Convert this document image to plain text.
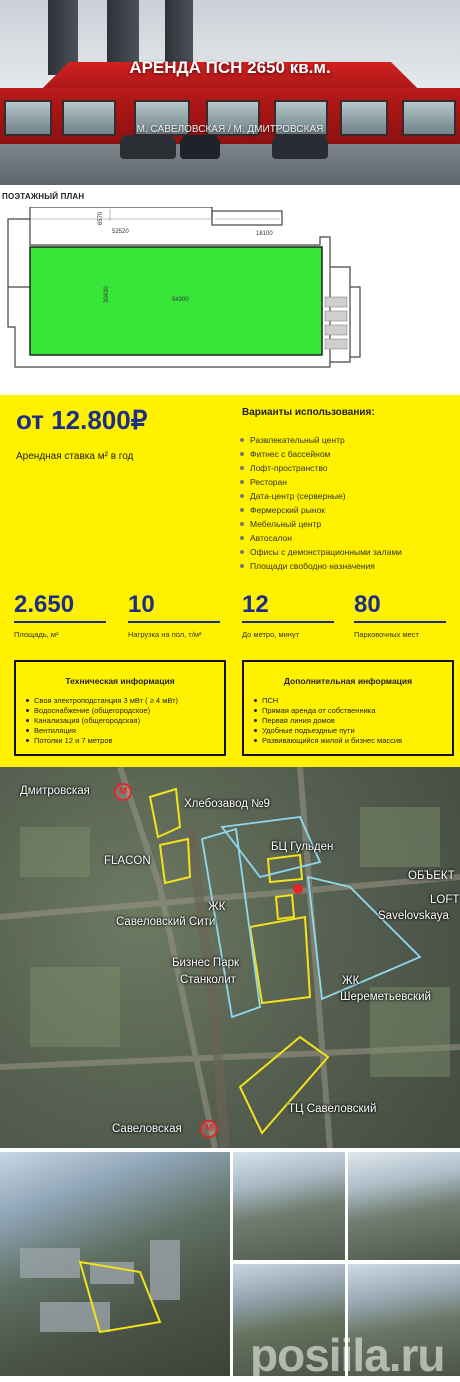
АРЕНДА ПСН 2650 кв.м.
М. САВЕЛОВСКАЯ / М. ДМИТРОВСКАЯ
ПОЭТАЖНЫЙ ПЛАН
52520
6570
18100
30430	84300
от 12.800₽
Арендная ставка м² в год
Варианты использования:
Развлекательный центр
Фитнес с бассейном
Лофт-пространство
Ресторан
Дата-центр (серверные)
Фермерский рынок
Мебельный центр
Автосалон
Офисы с демонстрационными залами
Площади свободно назначения
2.650
Площадь, м²
10
Нагрузка на пол, т/м²
12
До метро, минут
80
Парковочных мест
Техническая информация
Своя электроподстанция 3 мВт ( ≥ 4 мВт)
Водоснабжение (общегородское)
Канализация (общегородская)
Вентиляция
Потолки 12 и 7 метров
Дополнительная информация
ПСН
Прямая аренда от собственника
Первая линия домов
Удобные подъездные пути
Развивающийся жилой и бизнес массив
Дмитровская	М
Хлебозавод №9
БЦ Гульден
FLACON
ОБЪЕКТ
ЖК
Савеловский Сити
LOFT
Savelovskaya
Бизнес Парк
Станколит	ЖК
Шереметьевский
Савеловская	М
ТЦ Савеловский
posiila.ru
